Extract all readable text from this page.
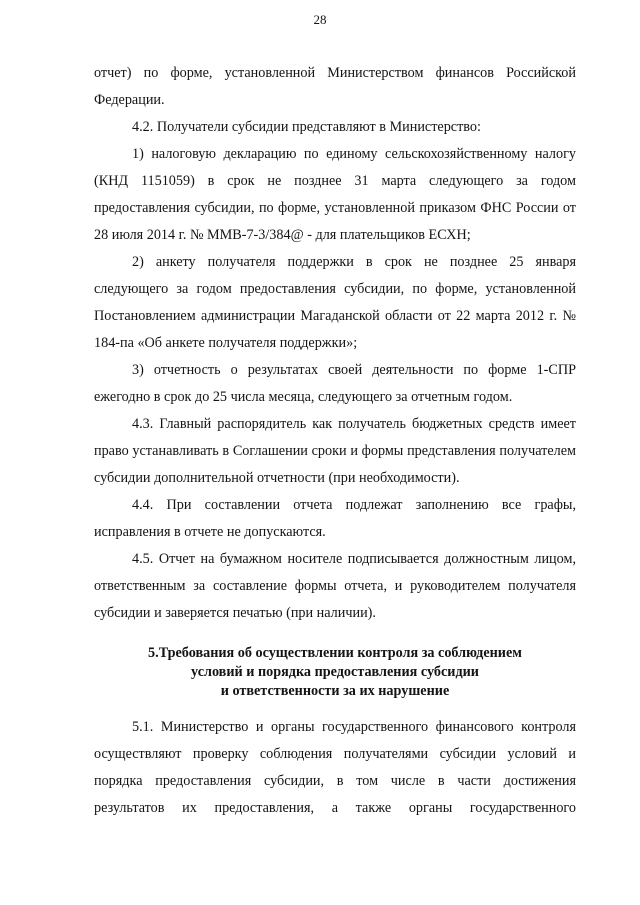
28

отчет) по форме, установленной Министерством финансов Российской Федерации.

4.2. Получатели субсидии представляют в Министерство:

1) налоговую декларацию по единому сельскохозяйственному налогу (КНД 1151059) в срок не позднее 31 марта следующего за годом предоставления субсидии, по форме, установленной приказом ФНС России от 28 июля 2014 г. № ММВ-7-3/384@ - для плательщиков ЕСХН;

2) анкету получателя поддержки в срок не позднее 25 января следующего за годом предоставления субсидии, по форме, установленной Постановлением администрации Магаданской области от 22 марта 2012 г. № 184-па «Об анкете получателя поддержки»;

3) отчетность о результатах своей деятельности по форме 1-СПР ежегодно в срок до 25 числа месяца, следующего за отчетным годом.

4.3. Главный распорядитель как получатель бюджетных средств имеет право устанавливать в Соглашении сроки и формы представления получателем субсидии дополнительной отчетности (при необходимости).

4.4. При составлении отчета подлежат заполнению все графы, исправления в отчете не допускаются.

4.5. Отчет на бумажном носителе подписывается должностным лицом, ответственным за составление формы отчета, и руководителем получателя субсидии и заверяется печатью (при наличии).

5.Требования об осуществлении контроля за соблюдением
условий и порядка предоставления субсидии
и ответственности за их нарушение

5.1. Министерство и органы государственного финансового контроля осуществляют проверку соблюдения получателями субсидии условий и порядка предоставления субсидии, в том числе в части достижения результатов их предоставления, а также органы государственного
